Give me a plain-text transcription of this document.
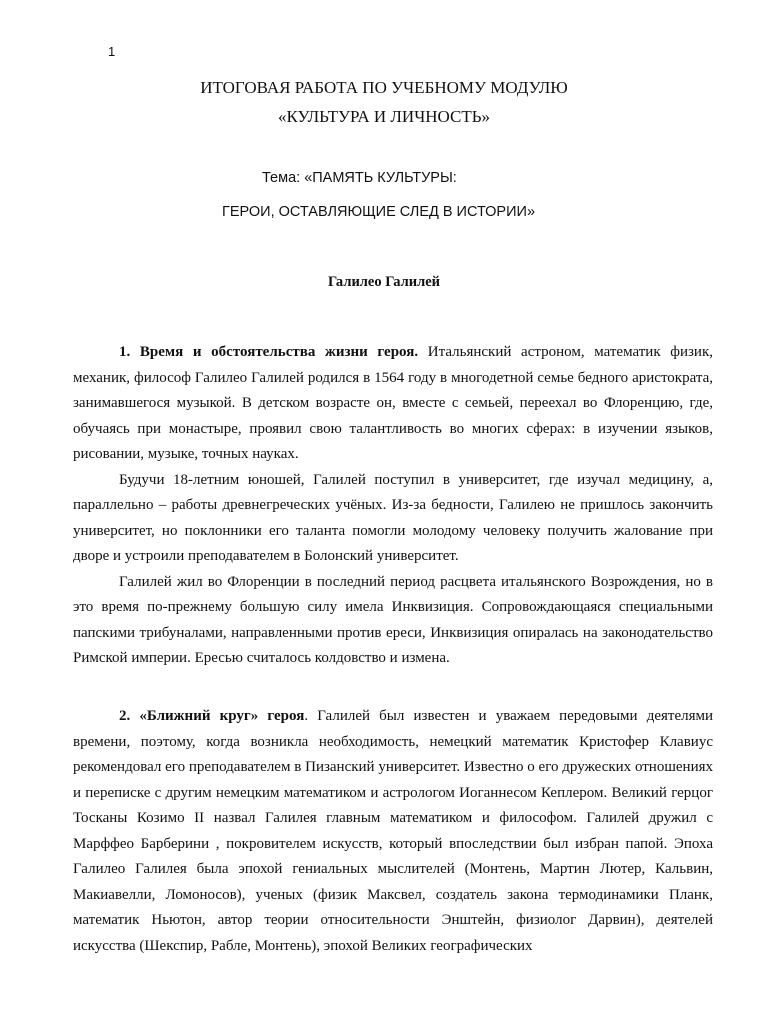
1
ИТОГОВАЯ РАБОТА ПО УЧЕБНОМУ МОДУЛЮ
«КУЛЬТУРА И ЛИЧНОСТЬ»
Тема: «ПАМЯТЬ КУЛЬТУРЫ:
ГЕРОИ, ОСТАВЛЯЮЩИЕ СЛЕД В ИСТОРИИ»
Галилео Галилей

1. Время и обстоятельства жизни героя. Итальянский астроном, математик физик, механик, философ Галилео Галилей родился в 1564 году в многодетной семье бедного аристократа, занимавшегося музыкой. В детском возрасте он, вместе с семьей, переехал во Флоренцию, где, обучаясь при монастыре, проявил свою талантливость во многих сферах: в изучении языков, рисовании, музыке, точных науках.

Будучи 18-летним юношей, Галилей поступил в университет, где изучал медицину, а, параллельно – работы древнегреческих учёных. Из-за бедности, Галилею не пришлось закончить университет, но поклонники его таланта помогли молодому человеку получить жалование при дворе и устроили преподавателем в Болонский университет.

Галилей жил во Флоренции в последний период расцвета итальянского Возрождения, но в это время по-прежнему большую силу имела Инквизиция. Сопровождающаяся специальными папскими трибуналами, направленными против ереси, Инквизиция опиралась на законодательство Римской империи. Ересью считалось колдовство и измена.

2. «Ближний круг» героя. Галилей был известен и уважаем передовыми деятелями времени, поэтому, когда возникла необходимость, немецкий математик Кристофер Клавиус рекомендовал его преподавателем в Пизанский университет. Известно о его дружеских отношениях и переписке с другим немецким математиком и астрологом Иоганнесом Кеплером. Великий герцог Тосканы Козимо II назвал Галилея главным математиком и философом. Галилей дружил с Марффео Барберини , покровителем искусств, который впоследствии был избран папой. Эпоха Галилео Галилея была эпохой гениальных мыслителей (Монтень, Мартин Лютер, Кальвин, Макиавелли, Ломоносов), ученых (физик Максвел, создатель закона термодинамики Планк, математик Ньютон, автор теории относительности Энштейн, физиолог Дарвин), деятелей искусства (Шекспир, Рабле, Монтень), эпохой Великих географических
